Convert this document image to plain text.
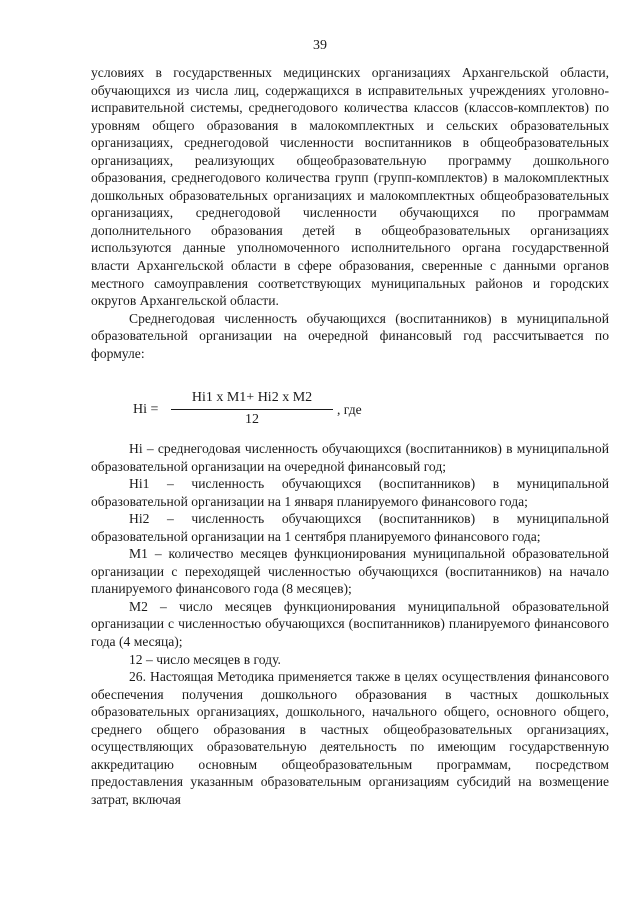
39

условиях в государственных медицинских организациях Архангельской области, обучающихся из числа лиц, содержащихся в исправительных учреждениях уголовно-исправительной системы, среднегодового количества классов (классов-комплектов) по уровням общего образования в малокомплектных и сельских образовательных организациях, среднегодовой численности воспитанников в общеобразовательных организациях, реализующих общеобразовательную программу дошкольного образования, среднегодового количества групп (групп-комплектов) в малокомплектных дошкольных образовательных организациях и малокомплектных общеобразовательных организациях, среднегодовой численности обучающихся по программам дополнительного образования детей в общеобразовательных организациях используются данные уполномоченного исполнительного органа государственной власти Архангельской области в сфере образования, сверенные с данными органов местного самоуправления соответствующих муниципальных районов и городских округов Архангельской области.

Среднегодовая численность обучающихся (воспитанников) в муниципальной образовательной организации на очередной финансовый год рассчитывается по формуле:

Hi =
Hi1 x M1+ Hi2 x M2
12
, где

Hi – среднегодовая численность обучающихся (воспитанников) в муниципальной образовательной организации на очередной финансовый год;

Hi1 – численность обучающихся (воспитанников) в муниципальной образовательной организации на 1 января планируемого финансового года;

Hi2 – численность обучающихся (воспитанников) в муниципальной образовательной организации на 1 сентября планируемого финансового года;

M1 – количество месяцев функционирования муниципальной образовательной организации с переходящей численностью обучающихся (воспитанников) на начало планируемого финансового года (8 месяцев);

M2 – число месяцев функционирования муниципальной образовательной организации с численностью обучающихся (воспитанников) планируемого финансового года (4 месяца);

12 – число месяцев в году.

26. Настоящая Методика применяется также в целях осуществления финансового обеспечения получения дошкольного образования в частных дошкольных образовательных организациях, дошкольного, начального общего, основного общего, среднего общего образования в частных общеобразовательных организациях, осуществляющих образовательную деятельность по имеющим государственную аккредитацию основным общеобразовательным программам, посредством предоставления указанным образовательным организациям субсидий на возмещение затрат, включая
